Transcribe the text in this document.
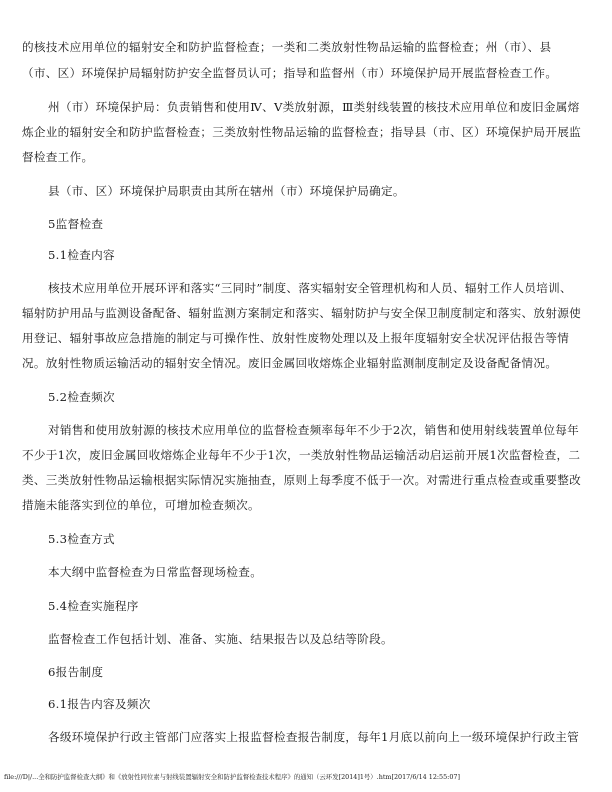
的核技术应用单位的辐射安全和防护监督检查；一类和二类放射性物品运输的监督检查；州（市）、县
（市、区）环境保护局辐射防护安全监督员认可；指导和监督州（市）环境保护局开展监督检查工作。
州（市）环境保护局：负责销售和使用Ⅳ、Ⅴ类放射源，Ⅲ类射线装置的核技术应用单位和废旧金属熔
炼企业的辐射安全和防护监督检查；三类放射性物品运输的监督检查；指导县（市、区）环境保护局开展监
督检查工作。
县（市、区）环境保护局职责由其所在辖州（市）环境保护局确定。
5监督检查
5.1检查内容
核技术应用单位开展环评和落实“三同时”制度、落实辐射安全管理机构和人员、辐射工作人员培训、
辐射防护用品与监测设备配备、辐射监测方案制定和落实、辐射防护与安全保卫制度制定和落实、放射源使
用登记、辐射事故应急措施的制定与可操作性、放射性废物处理以及上报年度辐射安全状况评估报告等情
况。放射性物质运输活动的辐射安全情况。废旧金属回收熔炼企业辐射监测制度制定及设备配备情况。
5.2检查频次
对销售和使用放射源的核技术应用单位的监督检查频率每年不少于2次，销售和使用射线装置单位每年
不少于1次，废旧金属回收熔炼企业每年不少于1次，一类放射性物品运输活动启运前开展1次监督检查，二
类、三类放射性物品运输根据实际情况实施抽查，原则上每季度不低于一次。对需进行重点检查或重要整改
措施未能落实到位的单位，可增加检查频次。
5.3检查方式
本大纲中监督检查为日常监督现场检查。
5.4检查实施程序
监督检查工作包括计划、准备、实施、结果报告以及总结等阶段。
6报告制度
6.1报告内容及频次
各级环境保护行政主管部门应落实上报监督检查报告制度，每年1月底以前向上一级环境保护行政主管
file:///D|/...全和防护监督检查大纲》和《放射性同位素与射线装置辐射安全和防护监督检查技术程序》的通知（云环发[2014]1号）.htm[2017/6/14 12:55:07]
